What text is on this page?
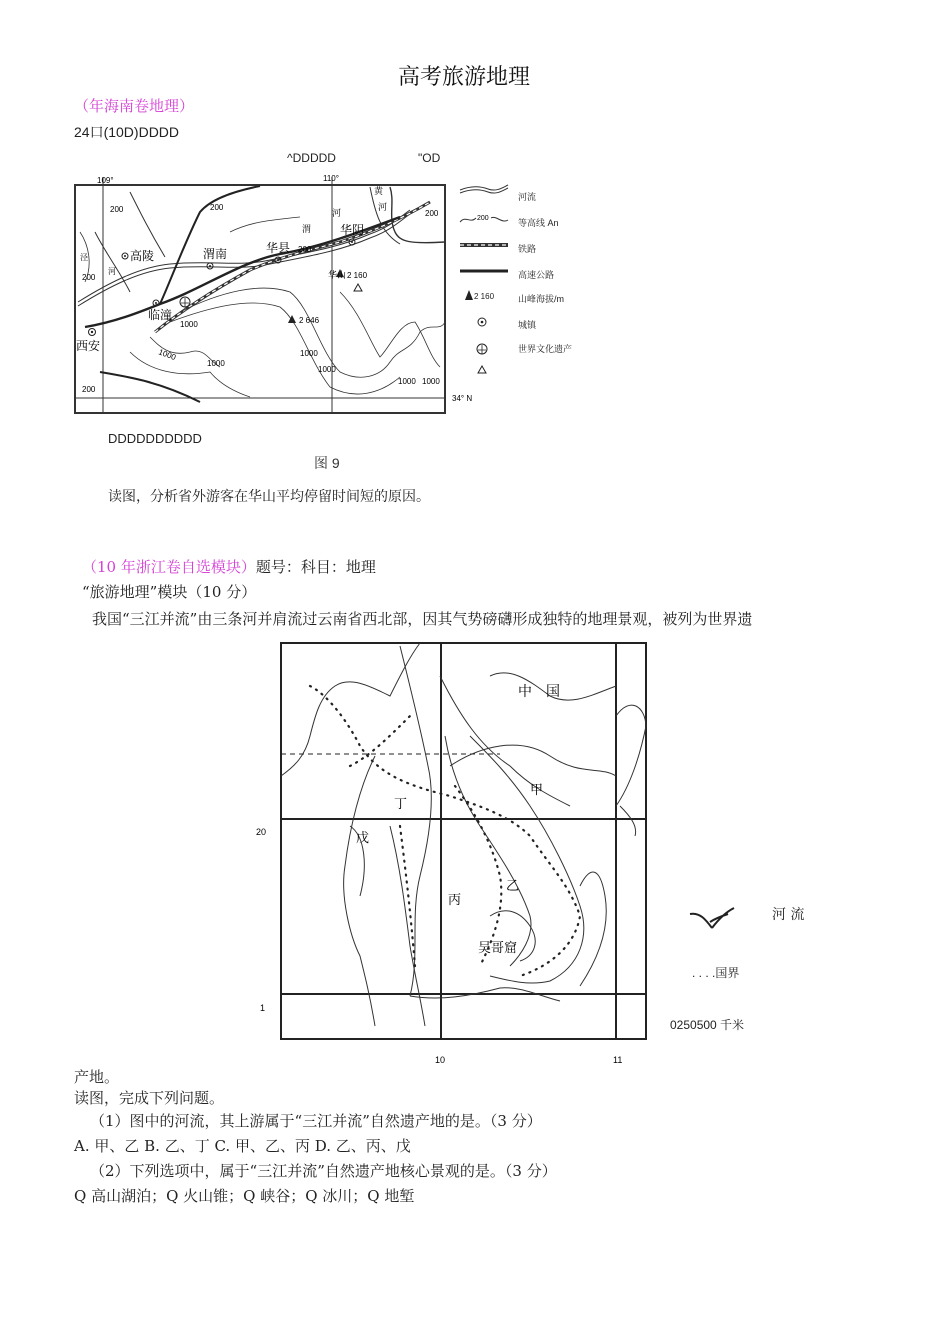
高考旅游地理
（年海南卷地理）
24口(10D)DDDD
^DDDDD	"OD
109°	110°
34° N
高陵	渭南	华县
华阴
临潼
西安
华山 2 160
2 646
200	200
200
200
200
200
1000
1000
1000	1000
1000
1000 1000
渭
河
黄
河
泾
河
河流
200	等高线 An
铁路
高速公路
2 160	山峰海拔/m
城镇
世界文化遗产
DDDDDDDDDD
图 9
读图，分析省外游客在华山平均停留时间短的原因。
（10 年浙江卷自选模块）题号：科目：地理
“旅游地理”模块（10 分）
我国“三江并流”由三条河并肩流过云南省西北部，因其气势磅礴形成独特的地理景观，被列为世界遗
中　国
甲
乙
丙
丁
戊
吴哥窟
20
1
10	11
河 流
. . . .国界
0250500 千米
产地。
读图，完成下列问题。
（1）图中的河流，其上游属于“三江并流”自然遗产地的是。（3 分）
A. 甲、乙 B. 乙、丁 C. 甲、乙、丙 D. 乙、丙、戊
（2）下列选项中，属于“三江并流”自然遗产地核心景观的是。（3 分）
Q 高山湖泊；Q 火山锥；Q 峡谷；Q 冰川；Q 地堑
